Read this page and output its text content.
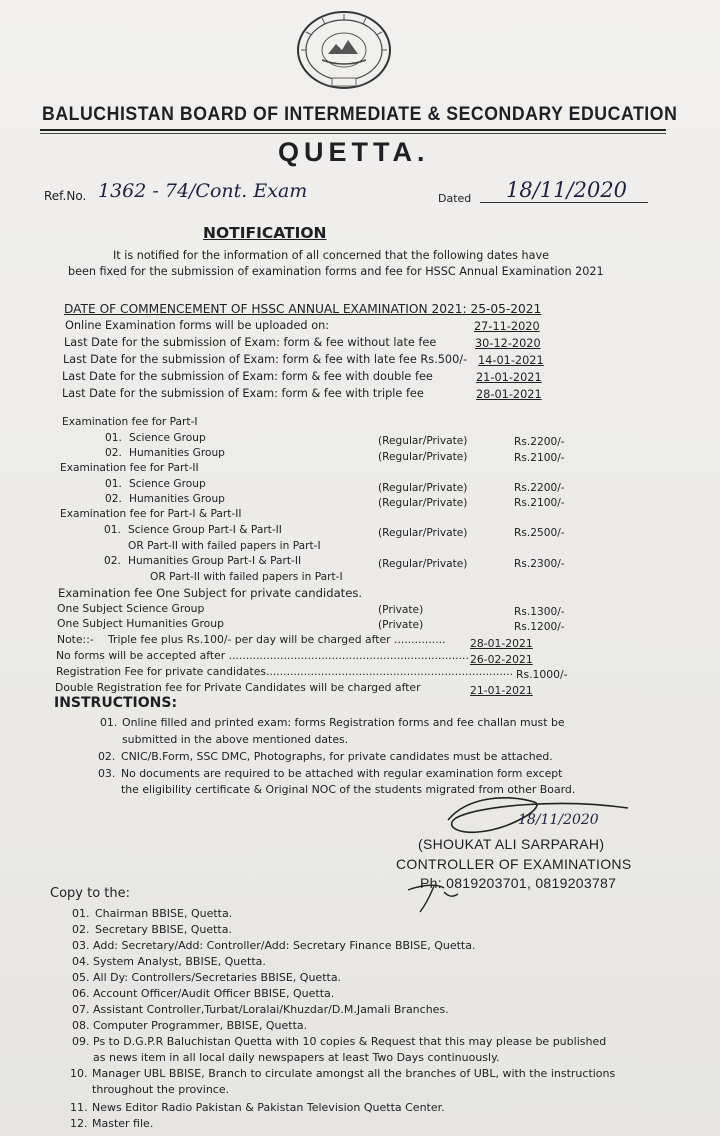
BALUCHISTAN BOARD OF INTERMEDIATE & SECONDARY EDUCATION
QUETTA.
Ref.No. 1362 - 74/Cont. Exam	Dated 18/11/2020
NOTIFICATION
It is notified for the information of all concerned that the following dates have
been fixed for the submission of examination forms and fee for HSSC Annual Examination 2021
DATE OF COMMENCEMENT OF HSSC ANNUAL EXAMINATION 2021: 25-05-2021
Online Examination forms will be uploaded on:	27-11-2020
Last Date for the submission of Exam: form & fee without late fee	30-12-2020
Last Date for the submission of Exam: form & fee with late fee Rs.500/- 14-01-2021
Last Date for the submission of Exam: form & fee with double fee	21-01-2021
Last Date for the submission of Exam: form & fee with triple fee	28-01-2021
Examination fee for Part-I
01. Science Group	(Regular/Private)	Rs.2200/-
02. Humanities Group	(Regular/Private)	Rs.2100/-
Examination fee for Part-II
01. Science Group	(Regular/Private)	Rs.2200/-
02. Humanities Group	(Regular/Private)	Rs.2100/-
Examination fee for Part-I & Part-II
01. Science Group Part-I & Part-II	(Regular/Private)	Rs.2500/-
OR Part-II with failed papers in Part-I
02. Humanities Group Part-I & Part-II	(Regular/Private)	Rs.2300/-
OR Part-II with failed papers in Part-I
Examination fee One Subject for private candidates.
One Subject Science Group	(Private)	Rs.1300/-
One Subject Humanities Group	(Private)	Rs.1200/-
Note::- Triple fee plus Rs.100/- per day will be charged after ............... 28-01-2021
No forms will be accepted after ...................................................................... 26-02-2021
Registration Fee for private candidates........................................................................ Rs.1000/-
Double Registration fee for Private Candidates will be charged after	21-01-2021
INSTRUCTIONS:
01. Online filled and printed exam: forms Registration forms and fee challan must be
submitted in the above mentioned dates.
02. CNIC/B.Form, SSC DMC, Photographs, for private candidates must be attached.
03. No documents are required to be attached with regular examination form except
the eligibility certificate & Original NOC of the students migrated from other Board.
18/11/2020
(SHOUKAT ALI SARPARAH)
CONTROLLER OF EXAMINATIONS
Ph: 0819203701, 0819203787
Copy to the:
01. Chairman BBISE, Quetta.
02. Secretary BBISE, Quetta.
03. Add: Secretary/Add: Controller/Add: Secretary Finance BBISE, Quetta.
04. System Analyst, BBISE, Quetta.
05. All Dy: Controllers/Secretaries BBISE, Quetta.
06. Account Officer/Audit Officer BBISE, Quetta.
07. Assistant Controller,Turbat/Loralai/Khuzdar/D.M.Jamali Branches.
08. Computer Programmer, BBISE, Quetta.
09. Ps to D.G.P.R Baluchistan Quetta with 10 copies & Request that this may please be published
as news item in all local daily newspapers at least Two Days continuously.
10. Manager UBL BBISE, Branch to circulate amongst all the branches of UBL, with the instructions
throughout the province.
11. News Editor Radio Pakistan & Pakistan Television Quetta Center.
12. Master file.
